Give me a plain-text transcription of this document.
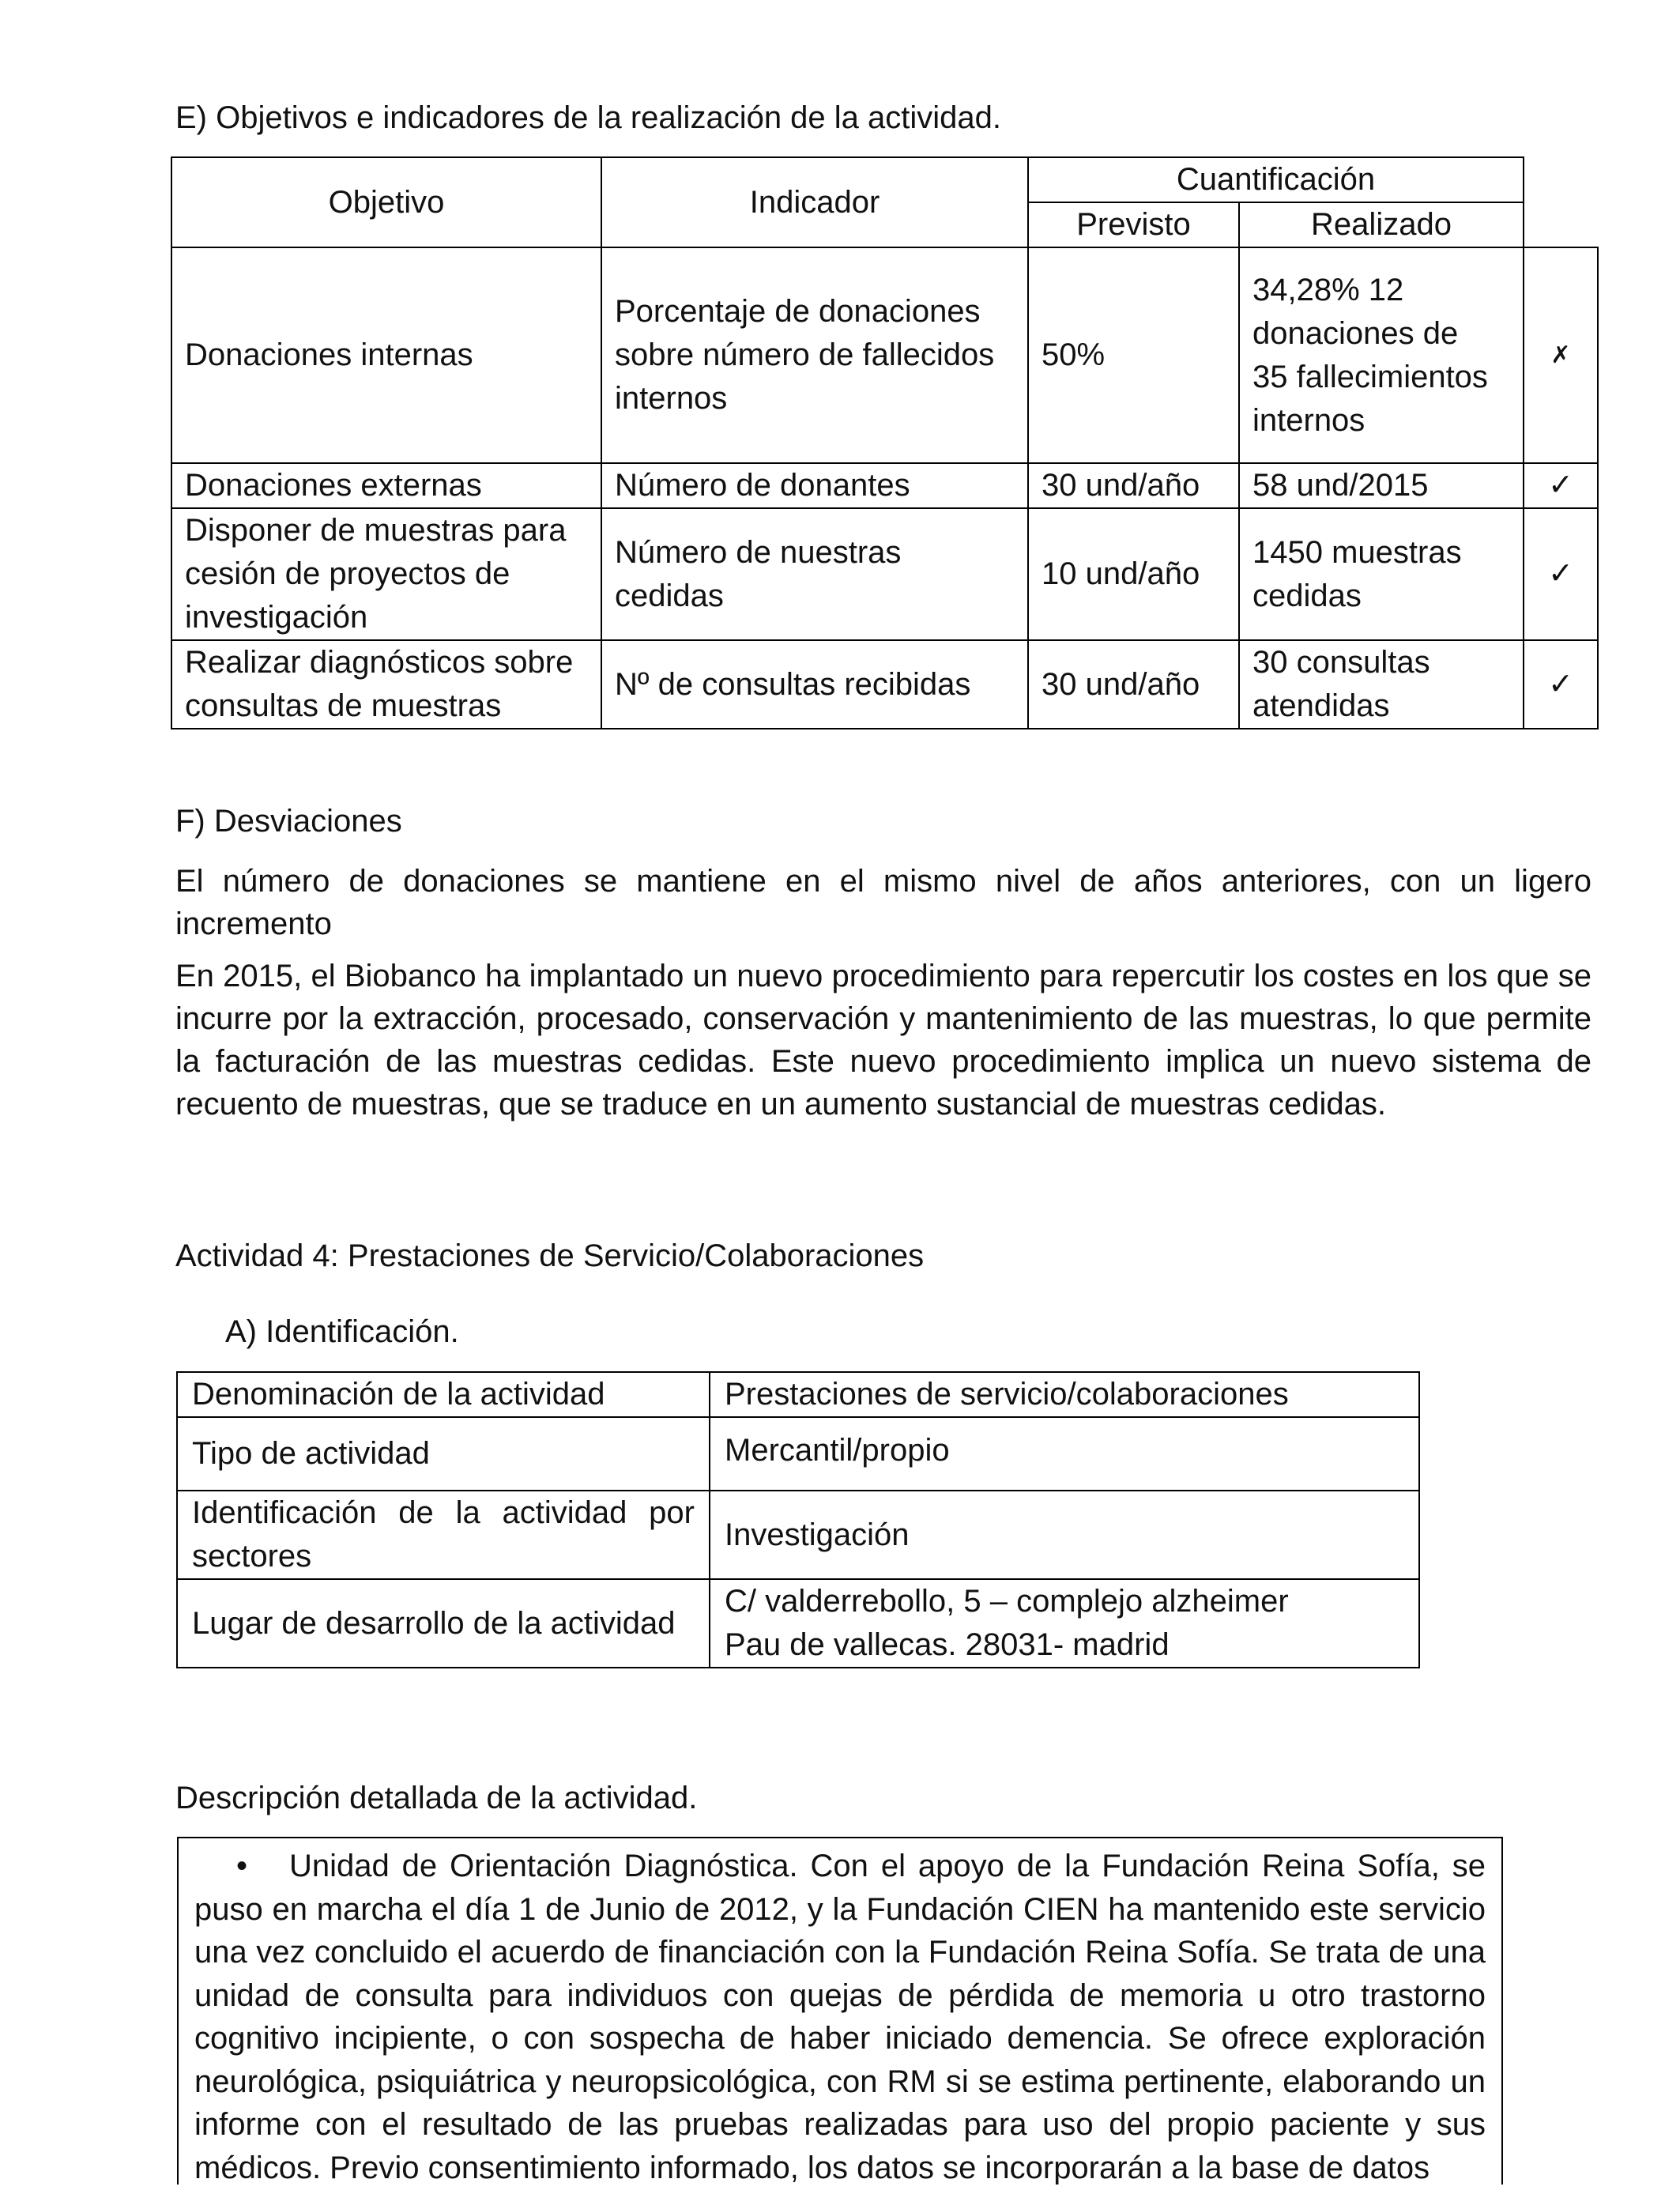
E) Objetivos e indicadores de la realización de la actividad.
Objetivo	Indicador	Cuantificación		
		Previsto	Realizado	
Donaciones internas	Porcentaje de donaciones sobre número de fallecidos internos	50%	34,28% 12 donaciones de 35 fallecimientos internos	✗
Donaciones externas	Número de donantes	30 und/año	58 und/2015	✓
Disponer de muestras para cesión de proyectos de investigación	Número de nuestras cedidas	10 und/año	1450 muestras cedidas	✓
Realizar diagnósticos sobre consultas de muestras	Nº de consultas recibidas	30 und/año	30 consultas atendidas	✓
F) Desviaciones

El número de donaciones se mantiene en el mismo nivel de años anteriores, con un ligero incremento

En 2015, el Biobanco ha implantado un nuevo procedimiento para repercutir los costes en los que se incurre por la extracción, procesado, conservación y mantenimiento de las muestras, lo que permite la facturación de las muestras cedidas. Este nuevo procedimiento implica un nuevo sistema de recuento de muestras, que se traduce en un aumento sustancial de muestras cedidas.

Actividad 4: Prestaciones de Servicio/Colaboraciones
A) Identificación.
Denominación de la actividad	Prestaciones de servicio/colaboraciones
Tipo de actividad	Mercantil/propio

Identificación de la actividad por sectores	Investigación
Lugar de desarrollo de la actividad	C/ valderrebollo, 5 – complejo alzheimer
Pau de vallecas. 28031- madrid
Descripción detallada de la actividad.

• Unidad de Orientación Diagnóstica. Con el apoyo de la Fundación Reina Sofía, se puso en marcha el día 1 de Junio de 2012, y la Fundación CIEN ha mantenido este servicio una vez concluido el acuerdo de financiación con la Fundación Reina Sofía. Se trata de una unidad de consulta para individuos con quejas de pérdida de memoria u otro trastorno cognitivo incipiente, o con sospecha de haber iniciado demencia. Se ofrece exploración neurológica, psiquiátrica y neuropsicológica, con RM si se estima pertinente, elaborando un informe con el resultado de las pruebas realizadas para uso del propio paciente y sus médicos. Previo consentimiento informado, los datos se incorporarán a la base de datos
